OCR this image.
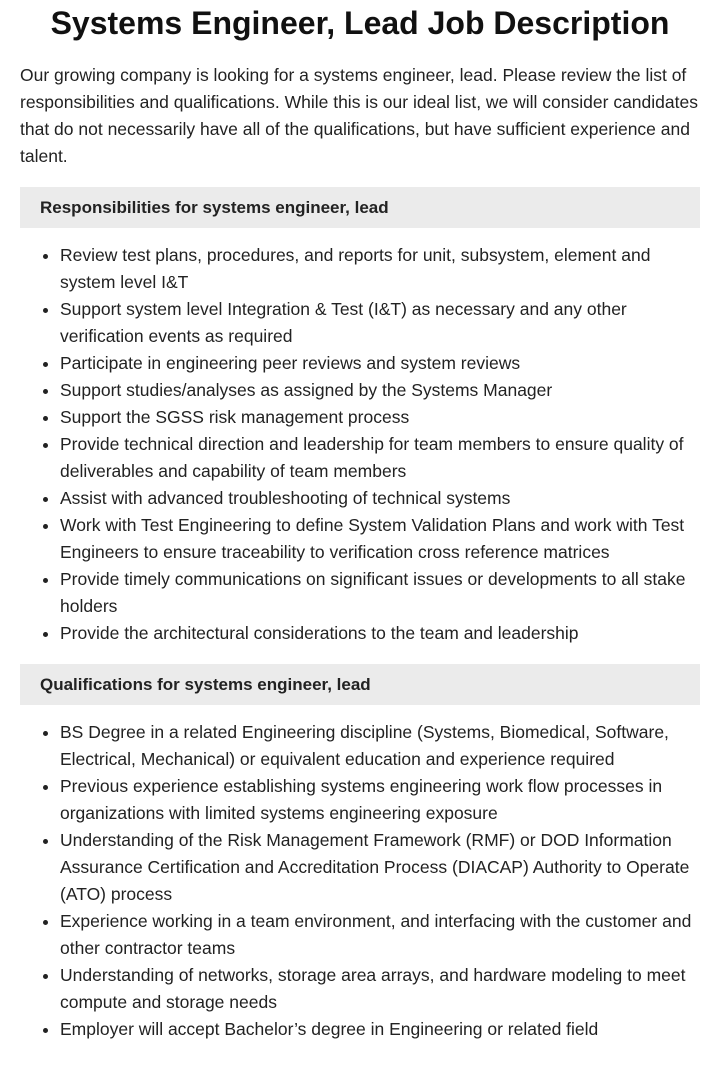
Systems Engineer, Lead Job Description

Our growing company is looking for a systems engineer, lead. Please review the list of responsibilities and qualifications. While this is our ideal list, we will consider candidates that do not necessarily have all of the qualifications, but have sufficient experience and talent.

Responsibilities for systems engineer, lead
• Review test plans, procedures, and reports for unit, subsystem, element and system level I&T
• Support system level Integration & Test (I&T) as necessary and any other verification events as required
• Participate in engineering peer reviews and system reviews
• Support studies/analyses as assigned by the Systems Manager
• Support the SGSS risk management process
• Provide technical direction and leadership for team members to ensure quality of deliverables and capability of team members
• Assist with advanced troubleshooting of technical systems
• Work with Test Engineering to define System Validation Plans and work with Test Engineers to ensure traceability to verification cross reference matrices
• Provide timely communications on significant issues or developments to all stake holders
• Provide the architectural considerations to the team and leadership
Qualifications for systems engineer, lead
• BS Degree in a related Engineering discipline (Systems, Biomedical, Software, Electrical, Mechanical) or equivalent education and experience required
• Previous experience establishing systems engineering work flow processes in organizations with limited systems engineering exposure
• Understanding of the Risk Management Framework (RMF) or DOD Information Assurance Certification and Accreditation Process (DIACAP) Authority to Operate (ATO) process
• Experience working in a team environment, and interfacing with the customer and other contractor teams
• Understanding of networks, storage area arrays, and hardware modeling to meet compute and storage needs
• Employer will accept Bachelor’s degree in Engineering or related field
